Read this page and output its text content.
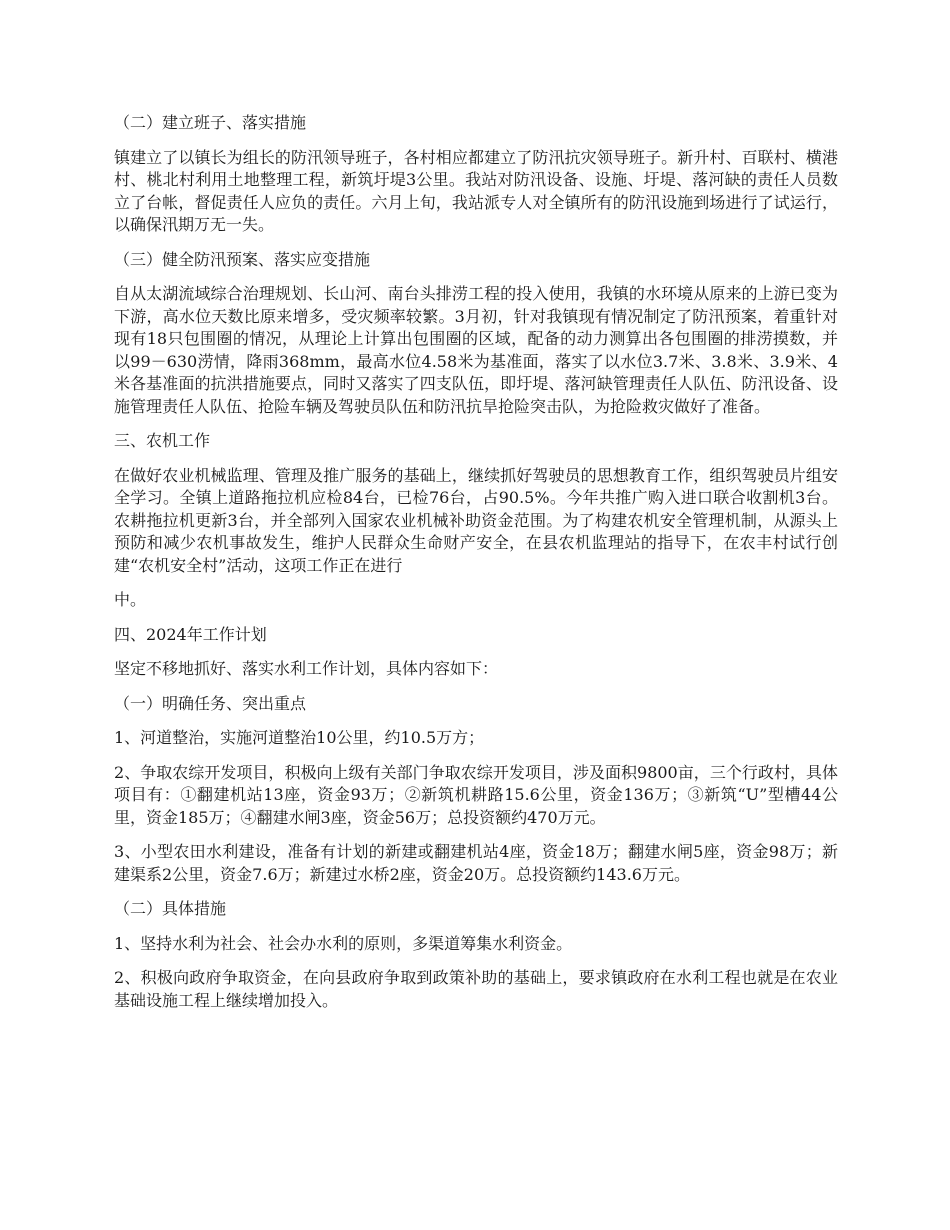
（二）建立班子、落实措施

镇建立了以镇长为组长的防汛领导班子，各村相应都建立了防汛抗灾领导班子。新升村、百联村、横港村、桃北村利用土地整理工程，新筑圩堤3公里。我站对防汛设备、设施、圩堤、落河缺的责任人员数立了台帐，督促责任人应负的责任。六月上旬，我站派专人对全镇所有的防汛设施到场进行了试运行，以确保汛期万无一失。

（三）健全防汛预案、落实应变措施

自从太湖流域综合治理规划、长山河、南台头排涝工程的投入使用，我镇的水环境从原来的上游已变为下游，高水位天数比原来增多，受灾频率较繁。3月初，针对我镇现有情况制定了防汛预案，着重针对现有18只包围圈的情况，从理论上计算出包围圈的区域，配备的动力测算出各包围圈的排涝摸数，并以99－630涝情，降雨368mm，最高水位4.58米为基准面，落实了以水位3.7米、3.8米、3.9米、4米各基准面的抗洪措施要点，同时又落实了四支队伍，即圩堤、落河缺管理责任人队伍、防汛设备、设施管理责任人队伍、抢险车辆及驾驶员队伍和防汛抗旱抢险突击队，为抢险救灾做好了准备。

三、农机工作

在做好农业机械监理、管理及推广服务的基础上，继续抓好驾驶员的思想教育工作，组织驾驶员片组安全学习。全镇上道路拖拉机应检84台，已检76台，占90.5%。今年共推广购入进口联合收割机3台。农耕拖拉机更新3台，并全部列入国家农业机械补助资金范围。为了构建农机安全管理机制，从源头上预防和减少农机事故发生，维护人民群众生命财产安全，在县农机监理站的指导下，在农丰村试行创建“农机安全村”活动，这项工作正在进行

中。

四、2024年工作计划

坚定不移地抓好、落实水利工作计划，具体内容如下：

（一）明确任务、突出重点

1、河道整治，实施河道整治10公里，约10.5万方；

2、争取农综开发项目，积极向上级有关部门争取农综开发项目，涉及面积9800亩，三个行政村，具体项目有：①翻建机站13座，资金93万；②新筑机耕路15.6公里，资金136万；③新筑“U”型槽44公里，资金185万；④翻建水闸3座，资金56万；总投资额约470万元。

3、小型农田水利建设，准备有计划的新建或翻建机站4座，资金18万；翻建水闸5座，资金98万；新建渠系2公里，资金7.6万；新建过水桥2座，资金20万。总投资额约143.6万元。

（二）具体措施

1、坚持水利为社会、社会办水利的原则，多渠道筹集水利资金。

2、积极向政府争取资金，在向县政府争取到政策补助的基础上，要求镇政府在水利工程也就是在农业基础设施工程上继续增加投入。
